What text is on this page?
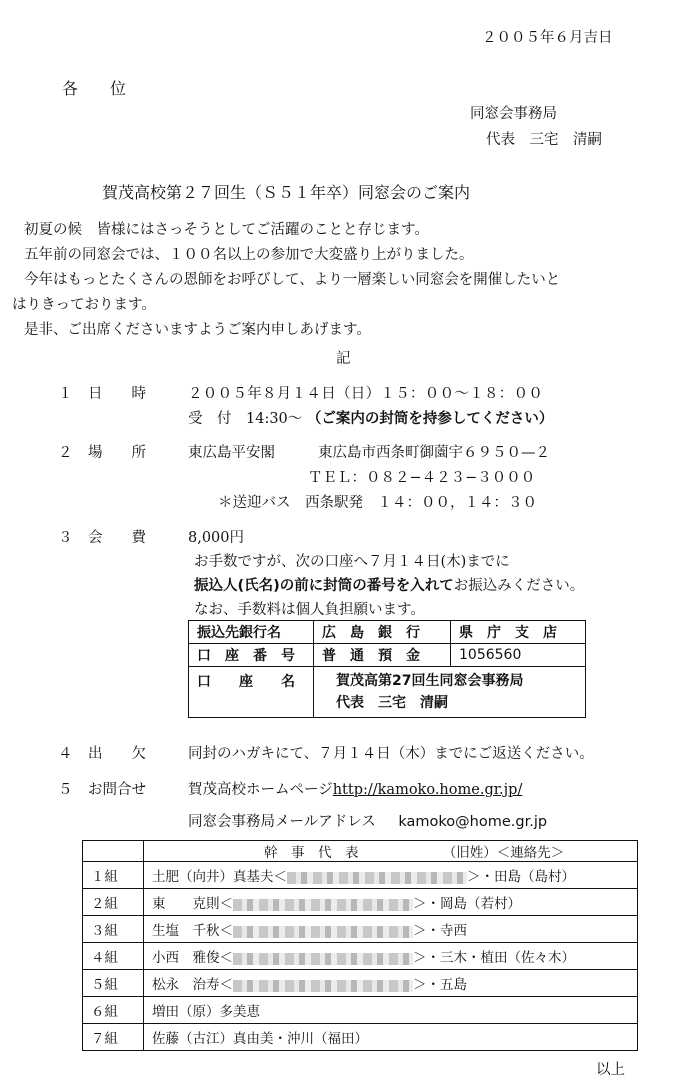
２００５年６月吉日
各　　位
同窓会事務局
代表　三宅　清嗣
賀茂高校第２７回生（Ｓ５１年卒）同窓会のご案内
初夏の候　皆様にはさっそうとしてご活躍のことと存じます。
五年前の同窓会では、１００名以上の参加で大変盛り上がりました。
今年はもっとたくさんの恩師をお呼びして、より一層楽しい同窓会を開催したいと
はりきっております。
是非、ご出席くださいますようご案内申しあげます。
記
１ 日　　時	２００５年８月１４日（日）１５：００〜１８：００
受　付　14:30〜 （ご案内の封筒を持参してください）
２ 場　　所	東広島平安閣	東広島市西条町御薗宇６９５０—２
ＴＥＬ：０８２−４２３−３０００
＊送迎バス　西条駅発　１４：００，１４：３０
３ 会　　費	8,000円
お手数ですが、次の口座へ７月１４日(木)までに
振込人(氏名)の前に封筒の番号を入れてお振込みください。
なお、手数料は個人負担願います。
振込先銀行名	広　島　銀　行	県　庁　支　店
口　座　番　号	普　通　預　金	1056560
口　　座　　名	賀茂高第27回生同窓会事務局
代表　三宅　清嗣	
４ 出　　欠	同封のハガキにて、７月１４日（木）までにご返送ください。
５ お問合せ	賀茂高校ホームページhttp://kamoko.home.gr.jp/
同窓会事務局メールアドレス kamoko@home.gr.jp
	幹　事　代　表 （旧姓）＜連絡先＞
１組	土肥（向井）真基夫＜ ＞・田島（島村）
２組	東　　克則＜ ＞・岡島（若村）
３組	生塩　千秋＜ ＞・寺西
４組	小西　雅俊＜ ＞・三木・植田（佐々木）
５組	松永　治寿＜ ＞・五島
６組	増田（原）多美恵
７組	佐藤（古江）真由美・沖川（福田）
以上
